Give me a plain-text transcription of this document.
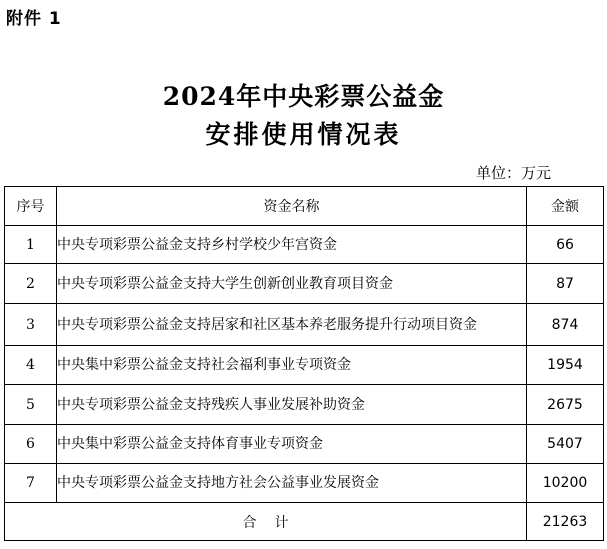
附件 1
2024年中央彩票公益金
安排使用情况表
单位：万元
序号	资金名称	金额
1	中央专项彩票公益金支持乡村学校少年宫资金	66
2	中央专项彩票公益金支持大学生创新创业教育项目资金	87
3	中央专项彩票公益金支持居家和社区基本养老服务提升行动项目资金	874
4	中央集中彩票公益金支持社会福利事业专项资金	1954
5	中央专项彩票公益金支持残疾人事业发展补助资金	2675
6	中央集中彩票公益金支持体育事业专项资金	5407
7	中央专项彩票公益金支持地方社会公益事业发展资金	10200
合计		21263
